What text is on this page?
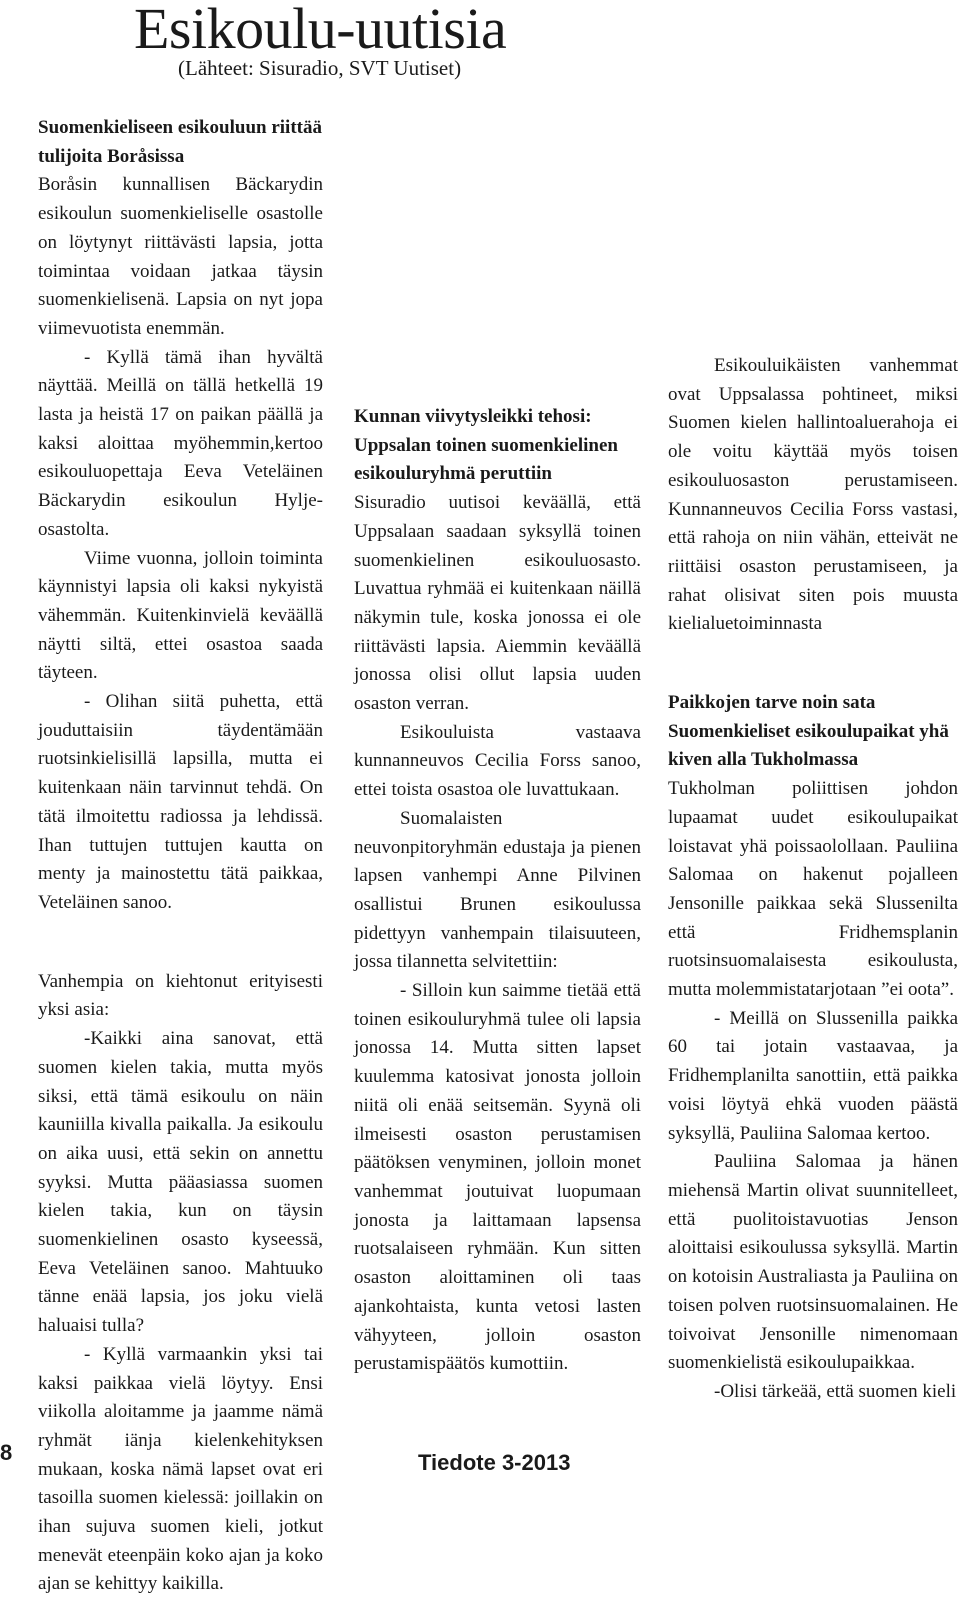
Esikoulu-uutisia
(Lähteet: Sisuradio, SVT Uutiset)
Suomenkieliseen esikouluun riittää tulijoita Boråsissa

Boråsin kunnallisen Bäckarydin esikoulun suomenkieliselle osastolle on löytynyt riittävästi lapsia, jotta toimintaa voidaan jatkaa täysin suomenkielisenä. Lapsia on nyt jopa viimevuotista enemmän.

- Kyllä tämä ihan hyvältä näyttää. Meillä on tällä hetkellä 19 lasta ja heistä 17 on paikan päällä ja kaksi aloittaa myöhemmin,kertoo esikouluopettaja Eeva Veteläinen Bäckarydin esikoulun Hylje-osastolta.

Viime vuonna, jolloin toiminta käynnistyi lapsia oli kaksi nykyistä vähemmän. Kuitenkinvielä keväällä näytti siltä, ettei osastoa saada täyteen.

- Olihan siitä puhetta, että jouduttaisiin täydentämään ruotsinkielisillä lapsilla, mutta ei kuitenkaan näin tarvinnut tehdä. On tätä ilmoitettu radiossa ja lehdissä. Ihan tuttujen tuttujen kautta on menty ja mainostettu tätä paikkaa, Veteläinen sanoo.

Vanhempia on kiehtonut erityisesti yksi asia:

-Kaikki aina sanovat, että suomen kielen takia, mutta myös siksi, että tämä esikoulu on näin kauniilla kivalla paikalla. Ja esikoulu on aika uusi, että sekin on annettu syyksi. Mutta pääasiassa suomen kielen takia, kun on täysin suomenkielinen osasto kyseessä, Eeva Veteläinen sanoo. Mahtuuko tänne enää lapsia, jos joku vielä haluaisi tulla?

- Kyllä varmaankin yksi tai kaksi paikkaa vielä löytyy. Ensi viikolla aloitamme ja jaamme nämä ryhmät iänja kielenkehityksen mukaan, koska nämä lapset ovat eri tasoilla suomen kielessä: joillakin on ihan sujuva suomen kieli, jotkut menevät eteenpäin koko ajan ja koko ajan se kehittyy kaikilla.

Kunnan viivytysleikki tehosi:
Uppsalan toinen suomenkielinen esikouluryhmä peruttiin

Sisuradio uutisoi keväällä, että Uppsalaan saadaan syksyllä toinen suomenkielinen esikouluosasto. Luvattua ryhmää ei kuitenkaan näillä näkymin tule, koska jonossa ei ole riittävästi lapsia. Aiemmin keväällä jonossa olisi ollut lapsia uuden osaston verran.

Esikouluista vastaava kunnanneuvos Cecilia Forss sanoo, ettei toista osastoa ole luvattukaan.

Suomalaisten neuvonpitoryhmän edustaja ja pienen lapsen vanhempi Anne Pilvinen osallistui Brunen esikoulussa pidettyyn vanhempain tilaisuuteen, jossa tilannetta selvitettiin:

- Silloin kun saimme tietää että toinen esikouluryhmä tulee oli lapsia jonossa 14. Mutta sitten lapset kuulemma katosivat jonosta jolloin niitä oli enää seitsemän. Syynä oli ilmeisesti osaston perustamisen päätöksen venyminen, jolloin monet vanhemmat joutuivat luopumaan jonosta ja laittamaan lapsensa ruotsalaiseen ryhmään. Kun sitten osaston aloittaminen oli taas ajankohtaista, kunta vetosi lasten vähyyteen, jolloin osaston perustamispäätös kumottiin.

Esikouluikäisten vanhemmat ovat Uppsalassa pohtineet, miksi Suomen kielen hallintoaluerahoja ei ole voitu käyttää myös toisen esikouluosaston perustamiseen. Kunnanneuvos Cecilia Forss vastasi, että rahoja on niin vähän, etteivät ne riittäisi osaston perustamiseen, ja rahat olisivat siten pois muusta kielialuetoiminnasta

Paikkojen tarve noin sata Suomenkieliset esikoulupaikat yhä kiven alla Tukholmassa

Tukholman poliittisen johdon lupaamat uudet esikoulupaikat loistavat yhä poissaolollaan. Pauliina Salomaa on hakenut pojalleen Jensonille paikkaa sekä Slussenilta että Fridhemsplanin ruotsinsuomalaisesta esikoulusta, mutta molemmistatarjotaan ”ei oota”.

- Meillä on Slussenilla paikka 60 tai jotain vastaavaa, ja Fridhemplanilta sanottiin, että paikka voisi löytyä ehkä vuoden päästä syksyllä, Pauliina Salomaa kertoo.

Pauliina Salomaa ja hänen miehensä Martin olivat suunnitelleet, että puolitoistavuotias Jenson aloittaisi esikoulussa syksyllä. Martin on kotoisin Australiasta ja Pauliina on toisen polven ruotsinsuomalainen. He toivoivat Jensonille nimenomaan suomenkielistä esikoulupaikkaa.

-Olisi tärkeää, että suomen kieli

8	Tiedote 3-2013
